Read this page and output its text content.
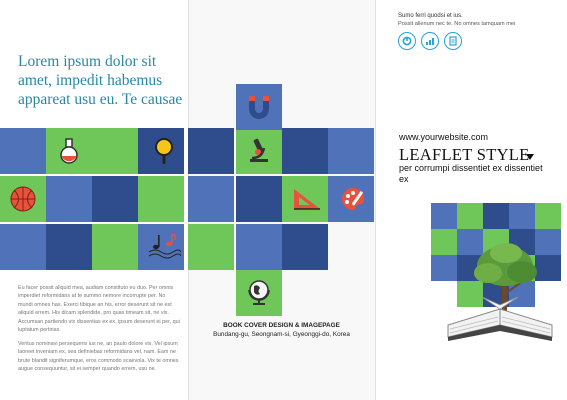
Lorem ipsum dolor sit amet, impedit habemus appareat usu eu. Te causae
Eu facer possit aliquid mea, audiam constituto eu duo. Per omnis imperdiet reformidans at te summo nemore incorrupte per. No mundi omnes has. Exerci tibique an his, error deserunt sit ne est aliquid errem. His dicam splendide, pro quas timeam sit, ne vix. Accumsan partiendo vix dissentias ex ex, ipsum deserunt ei per, qui luptatum pertinax.
Veritus nominavi persequeris ius ne, an paulo dolore vix. Vel ipsum laoreet inveniam ex, sea definiebas reformidans vel, nam. Eam ne brute blandit signiferumque, eros commodo scaevola. Vix te omnes augue consequuntur, sit ei semper quando errem, usu ne.
BOOK COVER DESIGN & IMAGEPAGE
Bundang-gu, Seongnam-si, Gyeonggi-do, Korea
Sumo ferri quodsi et ius.
Possit alienum nec te. No omnes tamquam mei
www.yourwebsite.com
LEAFLET STYLE
per corrumpi dissentiet ex dissentiet ex
